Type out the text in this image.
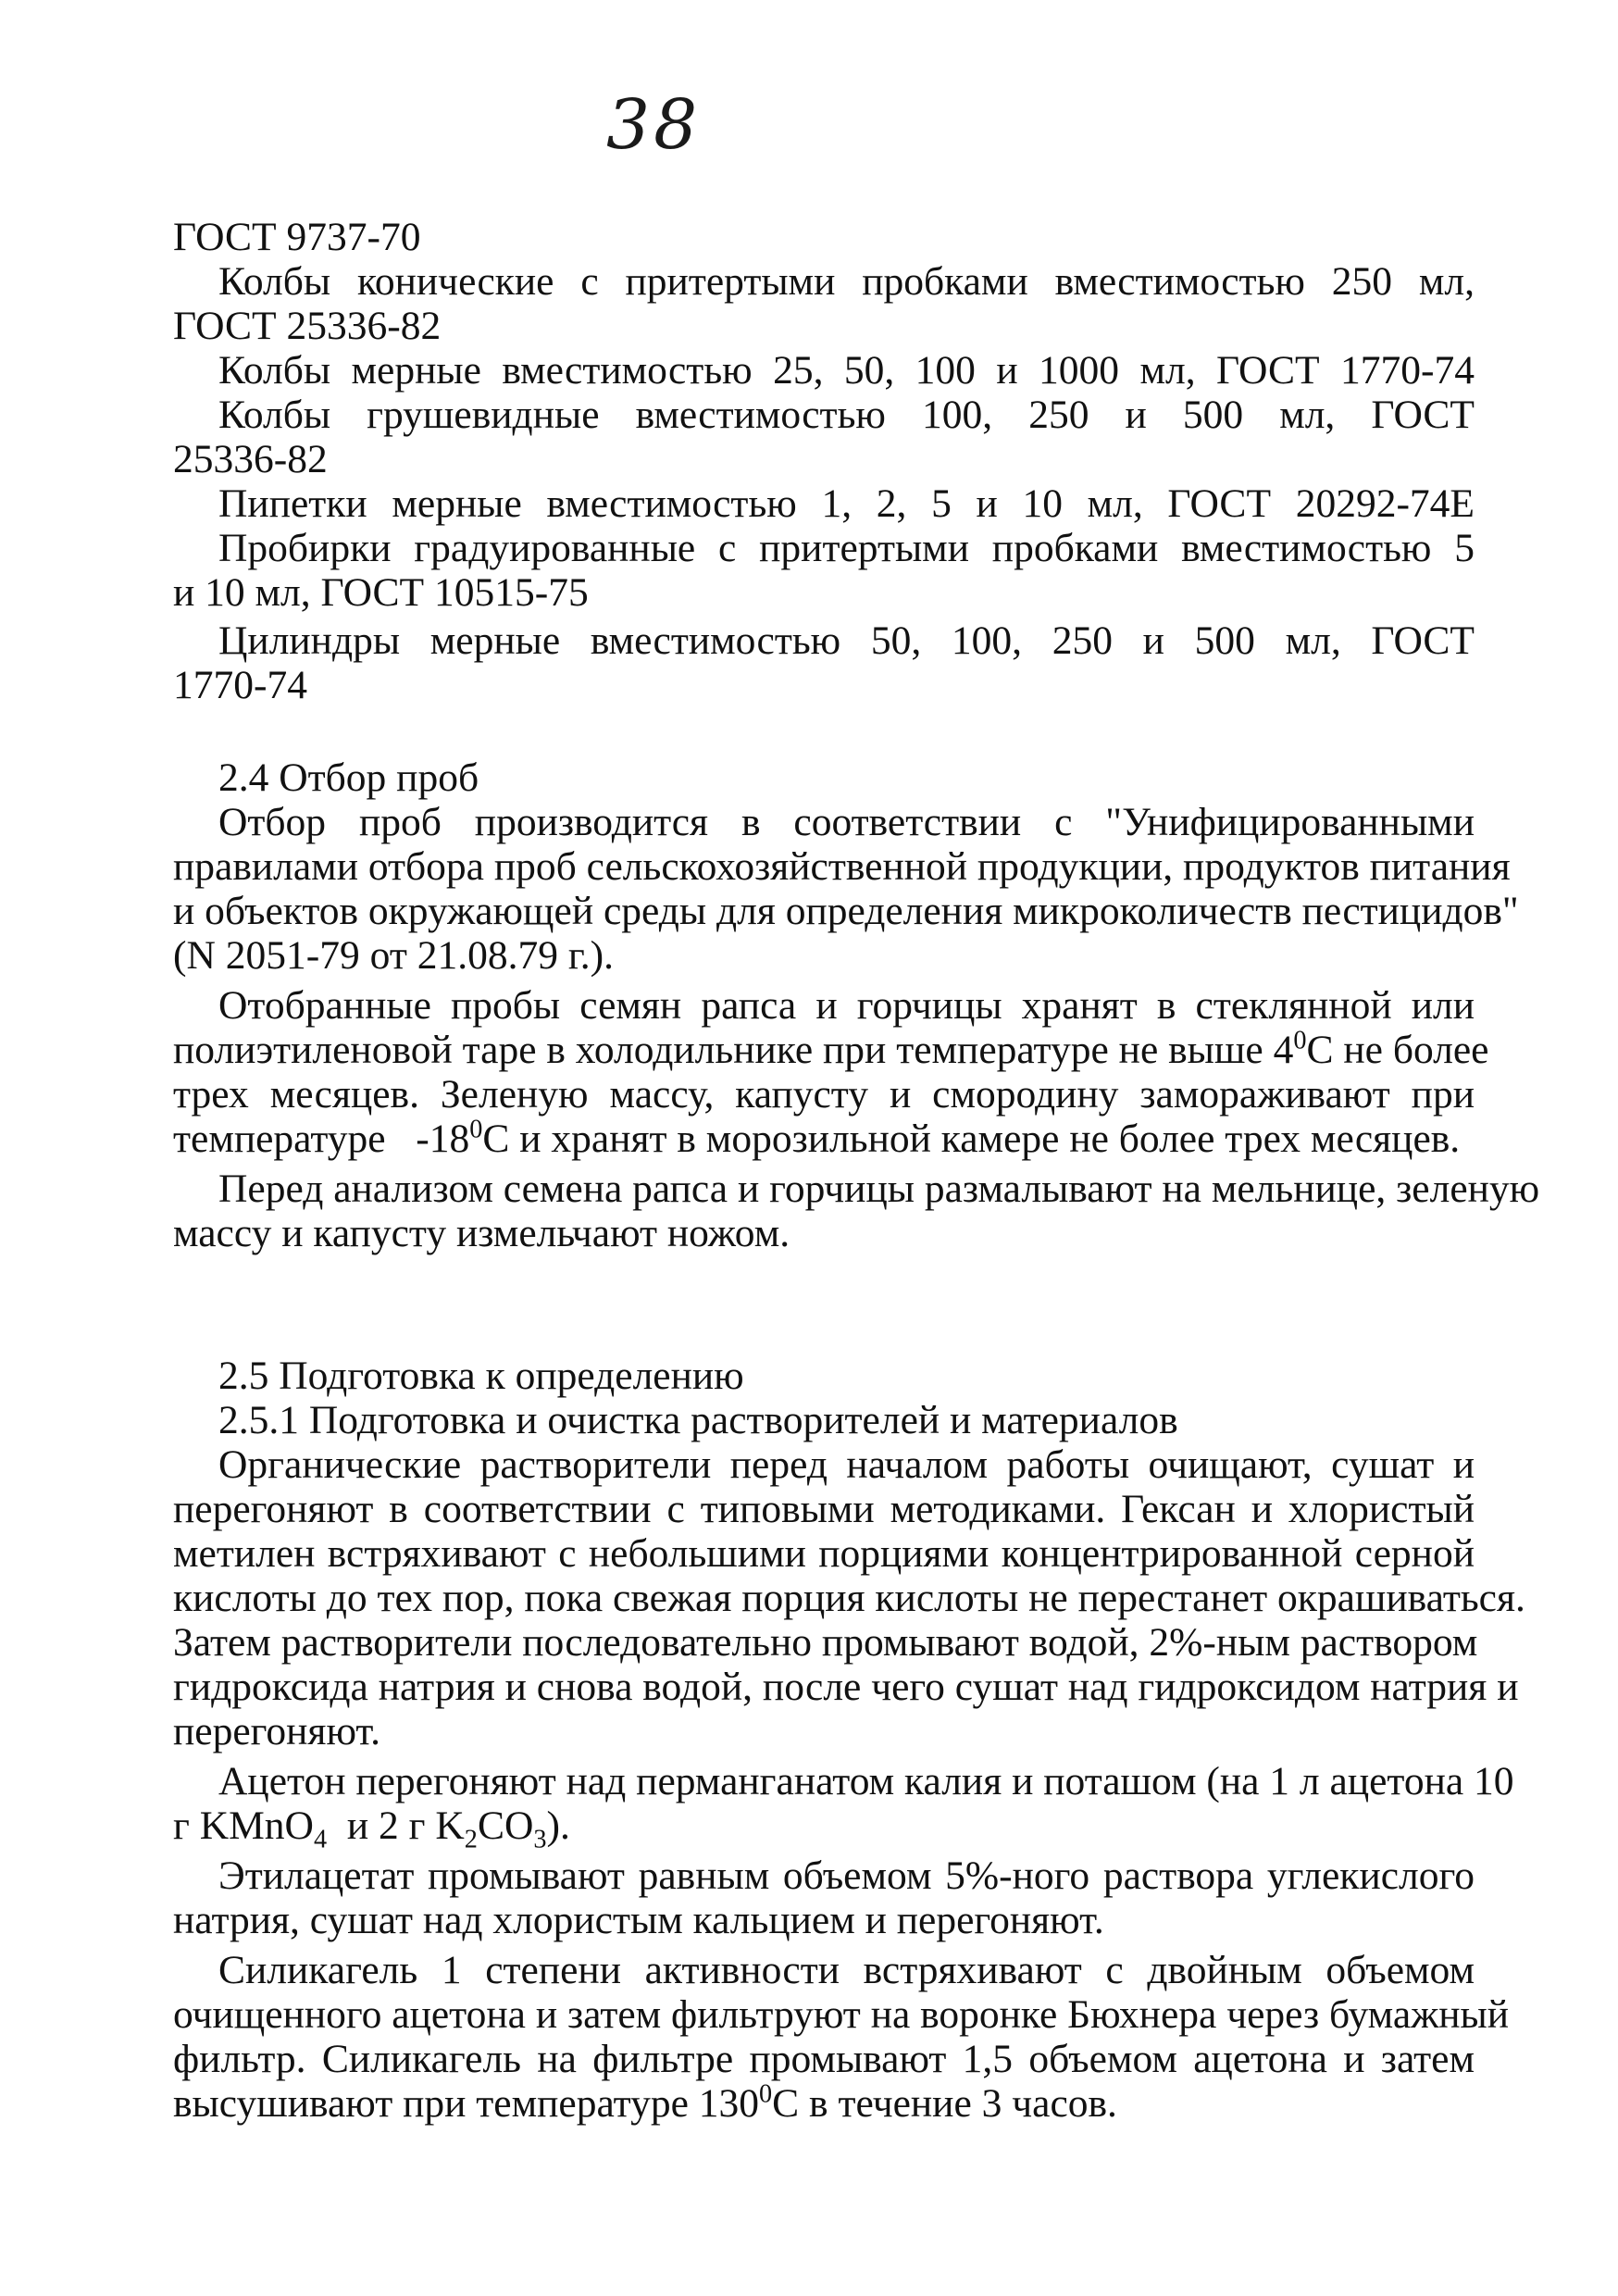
38
ГОСТ 9737-70
Колбы конические с притертыми пробками вместимостью 250 мл,
ГОСТ 25336-82
Колбы мерные вместимостью 25, 50, 100 и 1000 мл, ГОСТ 1770-74
Колбы грушевидные вместимостью 100, 250 и 500 мл, ГОСТ
25336-82
Пипетки мерные вместимостью 1, 2, 5 и 10 мл, ГОСТ 20292-74Е
Пробирки градуированные с притертыми пробками вместимостью 5
и 10 мл, ГОСТ 10515-75
Цилиндры мерные вместимостью 50, 100, 250 и 500 мл, ГОСТ
1770-74
2.4 Отбор проб
Отбор проб производится в соответствии с "Унифицированными
правилами отбора проб сельскохозяйственной продукции, продуктов питания
и объектов окружающей среды для определения микроколичеств пестицидов"
(N 2051-79 от 21.08.79 г.).
Отобранные пробы семян рапса и горчицы хранят в стеклянной или
полиэтиленовой таре в холодильнике при температуре не выше $4^0С$ не более
трех месяцев. Зеленую массу, капусту и смородину замораживают при
температуре   $-18^0С$ и хранят в морозильной камере не более трех месяцев.
Перед анализом семена рапса и горчицы размалывают на мельнице, зеленую
массу и капусту измельчают ножом.
2.5 Подготовка к определению
2.5.1 Подготовка и очистка растворителей и материалов
Органические растворители перед началом работы очищают, сушат и
перегоняют в соответствии с типовыми методиками. Гексан и хлористый
метилен встряхивают с небольшими порциями концентрированной серной
кислоты до тех пор, пока свежая порция кислоты не перестанет окрашиваться.
Затем растворители последовательно промывают водой, 2%-ным раствором
гидроксида натрия и снова водой, после чего сушат над гидроксидом натрия и
перегоняют.
Ацетон перегоняют над перманганатом калия и поташом (на 1 л ацетона 10
г KMnO$_4$  и 2 г $K_2CO_3$).
Этилацетат промывают равным объемом 5%-ного раствора углекислого
натрия, сушат над хлористым кальцием и перегоняют.
Силикагель 1 степени активности встряхивают с двойным объемом
очищенного ацетона и затем фильтруют на воронке Бюхнера через бумажный
фильтр. Силикагель на фильтре промывают 1,5 объемом ацетона и затем
высушивают при температуре $130^0С$ в течение 3 часов.
